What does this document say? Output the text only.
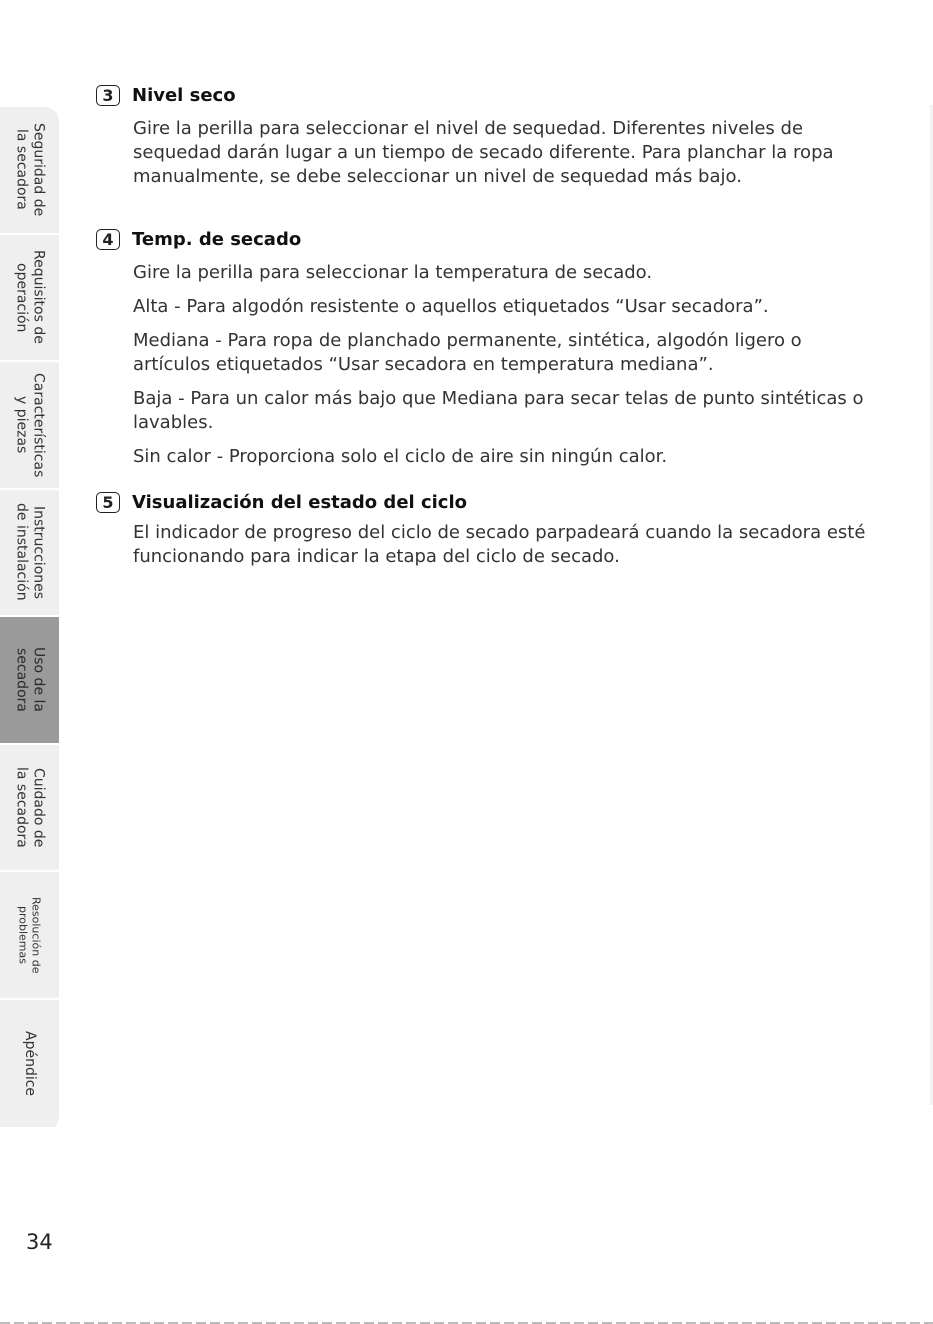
Seguridad de
la secadora
Requisitos de
operación
Características
y piezas
Instrucciones
de instalación
Uso de la
secadora
Cuidado de
la secadora
Resolución de
problemas
Apéndice
3	Nivel seco

Gire la perilla para seleccionar el nivel de sequedad. Diferentes niveles de sequedad darán lugar a un tiempo de secado diferente. Para planchar la ropa manualmente, se debe seleccionar un nivel de sequedad más bajo.

4	Temp. de secado

Gire la perilla para seleccionar la temperatura de secado.

Alta - Para algodón resistente o aquellos etiquetados “Usar secadora”.

Mediana - Para ropa de planchado permanente, sintética, algodón ligero o artículos etiquetados “Usar secadora en temperatura mediana”.

Baja - Para un calor más bajo que Mediana para secar telas de punto sintéticas o lavables.

Sin calor - Proporciona solo el ciclo de aire sin ningún calor.

5	Visualización del estado del ciclo

El indicador de progreso del ciclo de secado parpadeará cuando la secadora esté funcionando para indicar la etapa del ciclo de secado.

34
